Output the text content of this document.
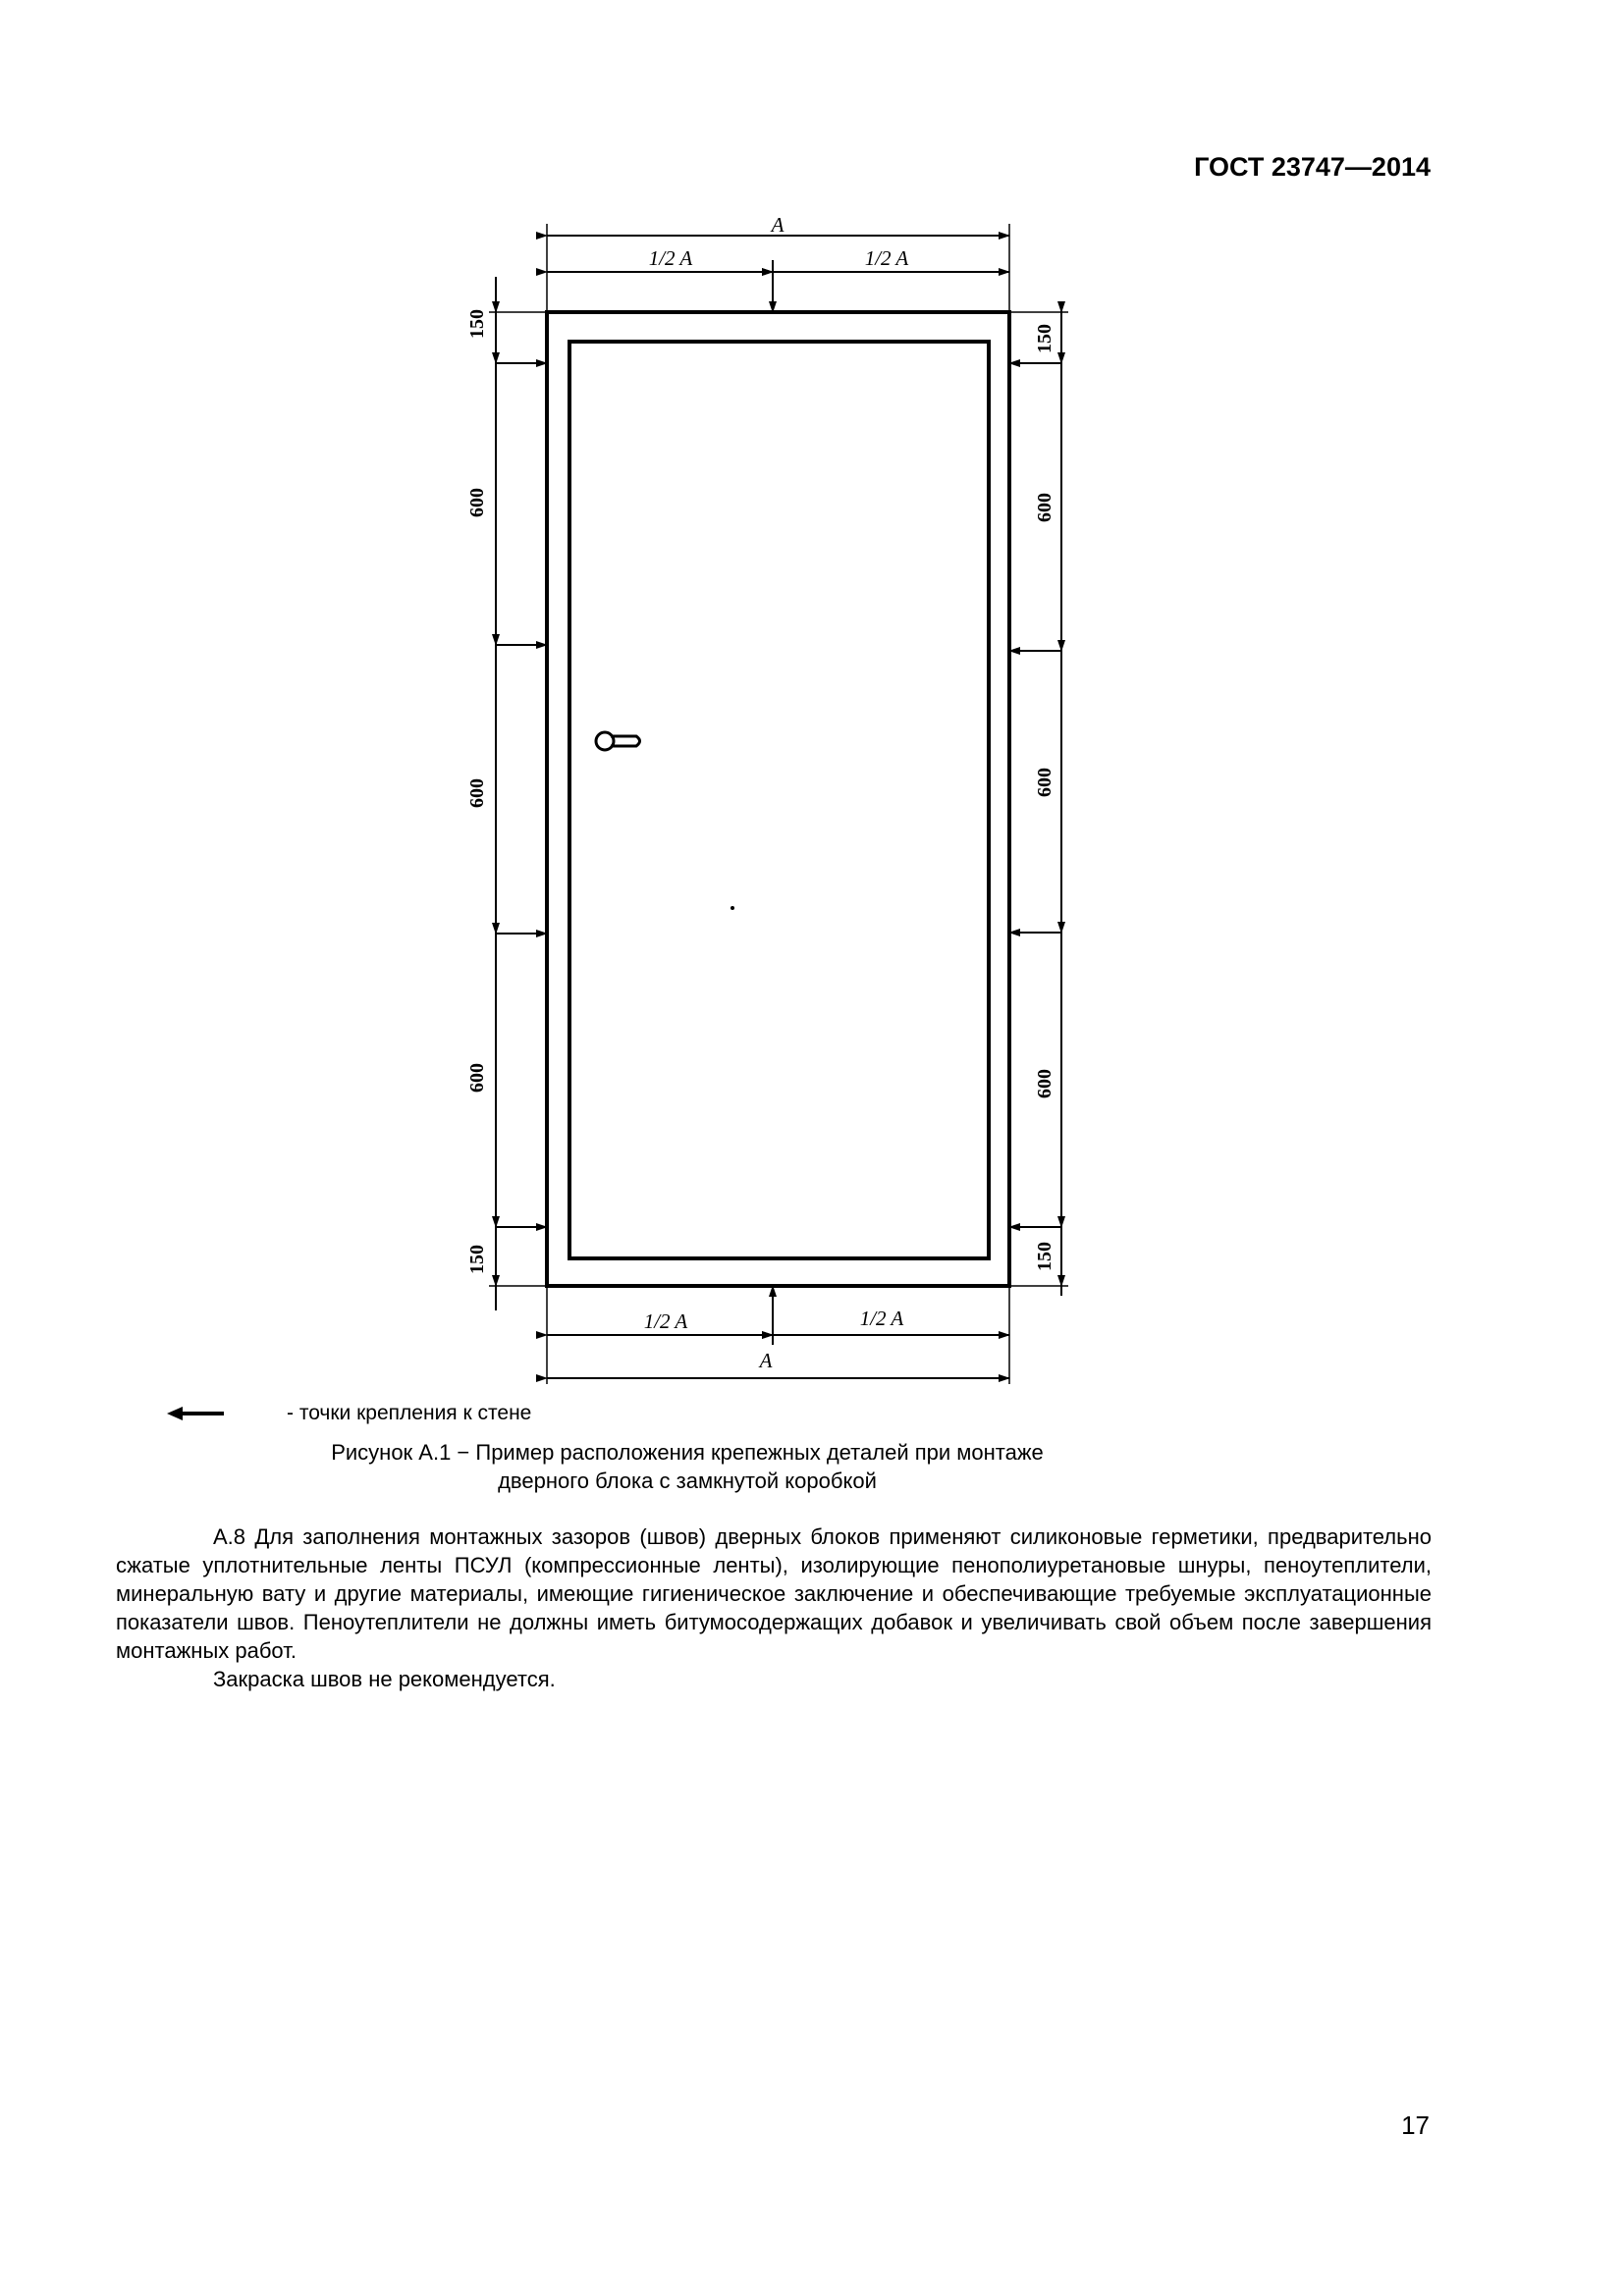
ГОСТ 23747—2014
A
1/2 A	1/2 A
1/2 A	1/2 A
A
150
600
600
600
150
150
600
600
600
150
- точки крепления к стене
Рисунок А.1 − Пример расположения крепежных деталей при монтаже
дверного блока с замкнутой коробкой

А.8 Для заполнения монтажных зазоров (швов) дверных блоков применяют силиконовые герметики, предварительно сжатые уплотнительные ленты ПСУЛ (компрессионные ленты), изолирующие пенополиуретановые шнуры, пеноутеплители, минеральную вату и другие материалы, имеющие гигиеническое заключение и обеспечивающие требуемые эксплуатационные показатели швов. Пеноутеплители не должны иметь битумосодержащих добавок и увеличивать свой объем после завершения монтажных работ.

Закраска швов не рекомендуется.

17
